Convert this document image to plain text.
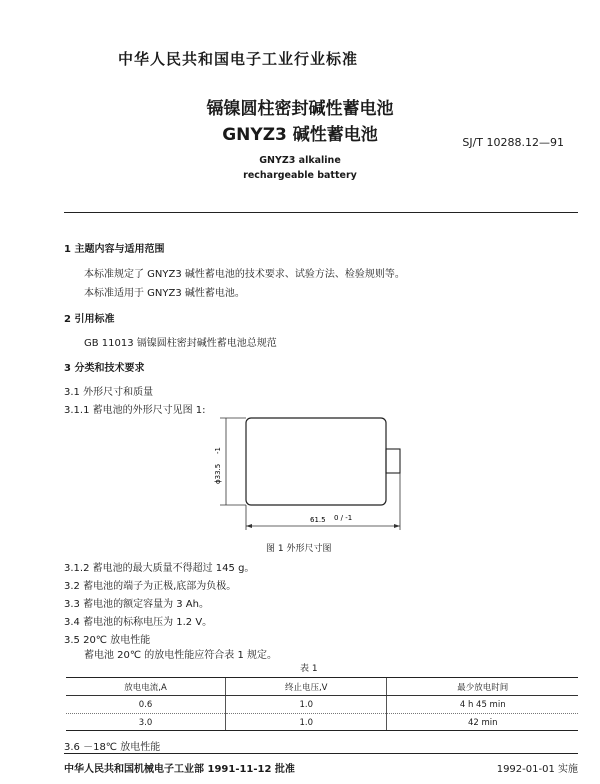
中华人民共和国电子工业行业标准
镉镍圆柱密封碱性蓄电池
GNYZ3 碱性蓄电池	SJ/T 10288.12—91
GNYZ3 alkaline
rechargeable battery
1 主题内容与适用范围
本标准规定了 GNYZ3 碱性蓄电池的技术要求、试验方法、检验规则等。
本标准适用于 GNYZ3 碱性蓄电池。
2 引用标准
GB 11013 镉镍圆柱密封碱性蓄电池总规范
3 分类和技术要求
3.1 外形尺寸和质量
3.1.1 蓄电池的外形尺寸见图 1:
ϕ33.5
-1
61.5 0 / -1
图 1 外形尺寸图
3.1.2 蓄电池的最大质量不得超过 145 g。
3.2 蓄电池的端子为正极,底部为负极。
3.3 蓄电池的额定容量为 3 Ah。
3.4 蓄电池的标称电压为 1.2 V。
3.5 20℃ 放电性能
蓄电池 20℃ 的放电性能应符合表 1 规定。
表 1
放电电流,A	终止电压,V	最少放电时间
0.6	1.0	4 h 45 min
3.0	1.0	42 min
3.6 －18℃ 放电性能
中华人民共和国机械电子工业部 1991-11-12 批准	1992-01-01 实施
